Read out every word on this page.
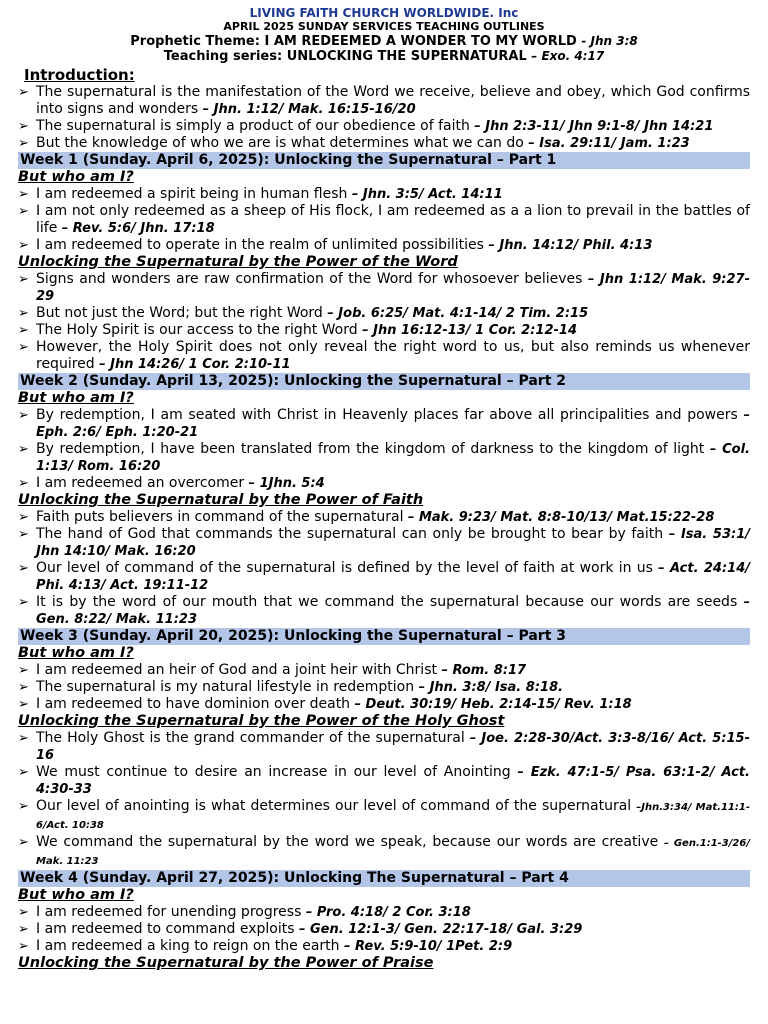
LIVING FAITH CHURCH WORLDWIDE. Inc
APRIL 2025 SUNDAY SERVICES TEACHING OUTLINES
Prophetic Theme: I AM REDEEMED A WONDER TO MY WORLD - Jhn 3:8
Teaching series: UNLOCKING THE SUPERNATURAL – Exo. 4:17
Introduction:
➢ The supernatural is the manifestation of the Word we receive, believe and obey, which God confirms into signs and wonders – Jhn. 1:12/ Mak. 16:15-16/20
➢ The supernatural is simply a product of our obedience of faith – Jhn 2:3-11/ Jhn 9:1-8/ Jhn 14:21
➢ But the knowledge of who we are is what determines what we can do – Isa. 29:11/ Jam. 1:23
Week 1 (Sunday. April 6, 2025): Unlocking the Supernatural – Part 1
But who am I?
➢ I am redeemed a spirit being in human flesh – Jhn. 3:5/ Act. 14:11
➢ I am not only redeemed as a sheep of His flock, I am redeemed as a a lion to prevail in the battles of life – Rev. 5:6/ Jhn. 17:18
➢ I am redeemed to operate in the realm of unlimited possibilities – Jhn. 14:12/ Phil. 4:13
Unlocking the Supernatural by the Power of the Word
➢ Signs and wonders are raw confirmation of the Word for whosoever believes – Jhn 1:12/ Mak. 9:27-29
➢ But not just the Word; but the right Word – Job. 6:25/ Mat. 4:1-14/ 2 Tim. 2:15
➢ The Holy Spirit is our access to the right Word – Jhn 16:12-13/ 1 Cor. 2:12-14
➢ However, the Holy Spirit does not only reveal the right word to us, but also reminds us whenever required – Jhn 14:26/ 1 Cor. 2:10-11
Week 2 (Sunday. April 13, 2025): Unlocking the Supernatural – Part 2
But who am I?
➢ By redemption, I am seated with Christ in Heavenly places far above all principalities and powers – Eph. 2:6/ Eph. 1:20-21
➢ By redemption, I have been translated from the kingdom of darkness to the kingdom of light – Col. 1:13/ Rom. 16:20
➢ I am redeemed an overcomer – 1Jhn. 5:4
Unlocking the Supernatural by the Power of Faith
➢ Faith puts believers in command of the supernatural – Mak. 9:23/ Mat. 8:8-10/13/ Mat.15:22-28
➢ The hand of God that commands the supernatural can only be brought to bear by faith – Isa. 53:1/ Jhn 14:10/ Mak. 16:20
➢ Our level of command of the supernatural is defined by the level of faith at work in us – Act. 24:14/ Phi. 4:13/ Act. 19:11-12
➢ It is by the word of our mouth that we command the supernatural because our words are seeds – Gen. 8:22/ Mak. 11:23
Week 3 (Sunday. April 20, 2025): Unlocking the Supernatural – Part 3
But who am I?
➢ I am redeemed an heir of God and a joint heir with Christ – Rom. 8:17
➢ The supernatural is my natural lifestyle in redemption – Jhn. 3:8/ Isa. 8:18.
➢ I am redeemed to have dominion over death – Deut. 30:19/ Heb. 2:14-15/ Rev. 1:18
Unlocking the Supernatural by the Power of the Holy Ghost
➢ The Holy Ghost is the grand commander of the supernatural – Joe. 2:28-30/Act. 3:3-8/16/ Act. 5:15-16
➢ We must continue to desire an increase in our level of Anointing – Ezk. 47:1-5/ Psa. 63:1-2/ Act. 4:30-33
➢ Our level of anointing is what determines our level of command of the supernatural –Jhn.3:34/ Mat.11:1-6/Act. 10:38
➢ We command the supernatural by the word we speak, because our words are creative – Gen.1:1-3/26/ Mak. 11:23
Week 4 (Sunday. April 27, 2025): Unlocking The Supernatural – Part 4
But who am I?
➢ I am redeemed for unending progress – Pro. 4:18/ 2 Cor. 3:18
➢ I am redeemed to command exploits – Gen. 12:1-3/ Gen. 22:17-18/ Gal. 3:29
➢ I am redeemed a king to reign on the earth – Rev. 5:9-10/ 1Pet. 2:9
Unlocking the Supernatural by the Power of Praise
